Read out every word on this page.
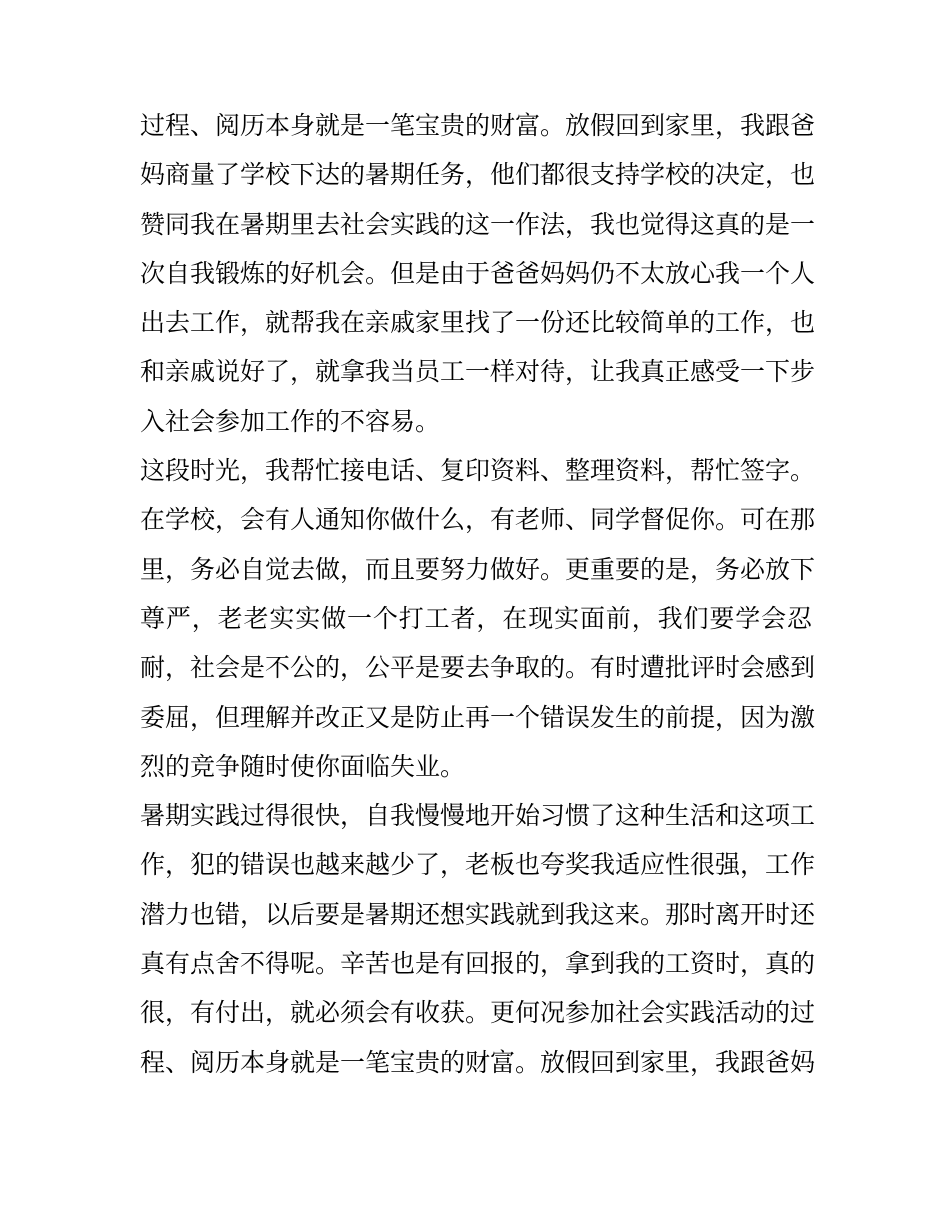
过程、阅历本身就是一笔宝贵的财富。放假回到家里，我跟爸
妈商量了学校下达的暑期任务，他们都很支持学校的决定，也
赞同我在暑期里去社会实践的这一作法，我也觉得这真的是一
次自我锻炼的好机会。但是由于爸爸妈妈仍不太放心我一个人
出去工作，就帮我在亲戚家里找了一份还比较简单的工作，也
和亲戚说好了，就拿我当员工一样对待，让我真正感受一下步
入社会参加工作的不容易。
这段时光，我帮忙接电话、复印资料、整理资料，帮忙签字。
在学校，会有人通知你做什么，有老师、同学督促你。可在那
里，务必自觉去做，而且要努力做好。更重要的是，务必放下
尊严，老老实实做一个打工者，在现实面前，我们要学会忍
耐，社会是不公的，公平是要去争取的。有时遭批评时会感到
委屈，但理解并改正又是防止再一个错误发生的前提，因为激
烈的竞争随时使你面临失业。
暑期实践过得很快，自我慢慢地开始习惯了这种生活和这项工
作，犯的错误也越来越少了，老板也夸奖我适应性很强，工作
潜力也错，以后要是暑期还想实践就到我这来。那时离开时还
真有点舍不得呢。辛苦也是有回报的，拿到我的工资时，真的
很，有付出，就必须会有收获。更何况参加社会实践活动的过
程、阅历本身就是一笔宝贵的财富。放假回到家里，我跟爸妈
